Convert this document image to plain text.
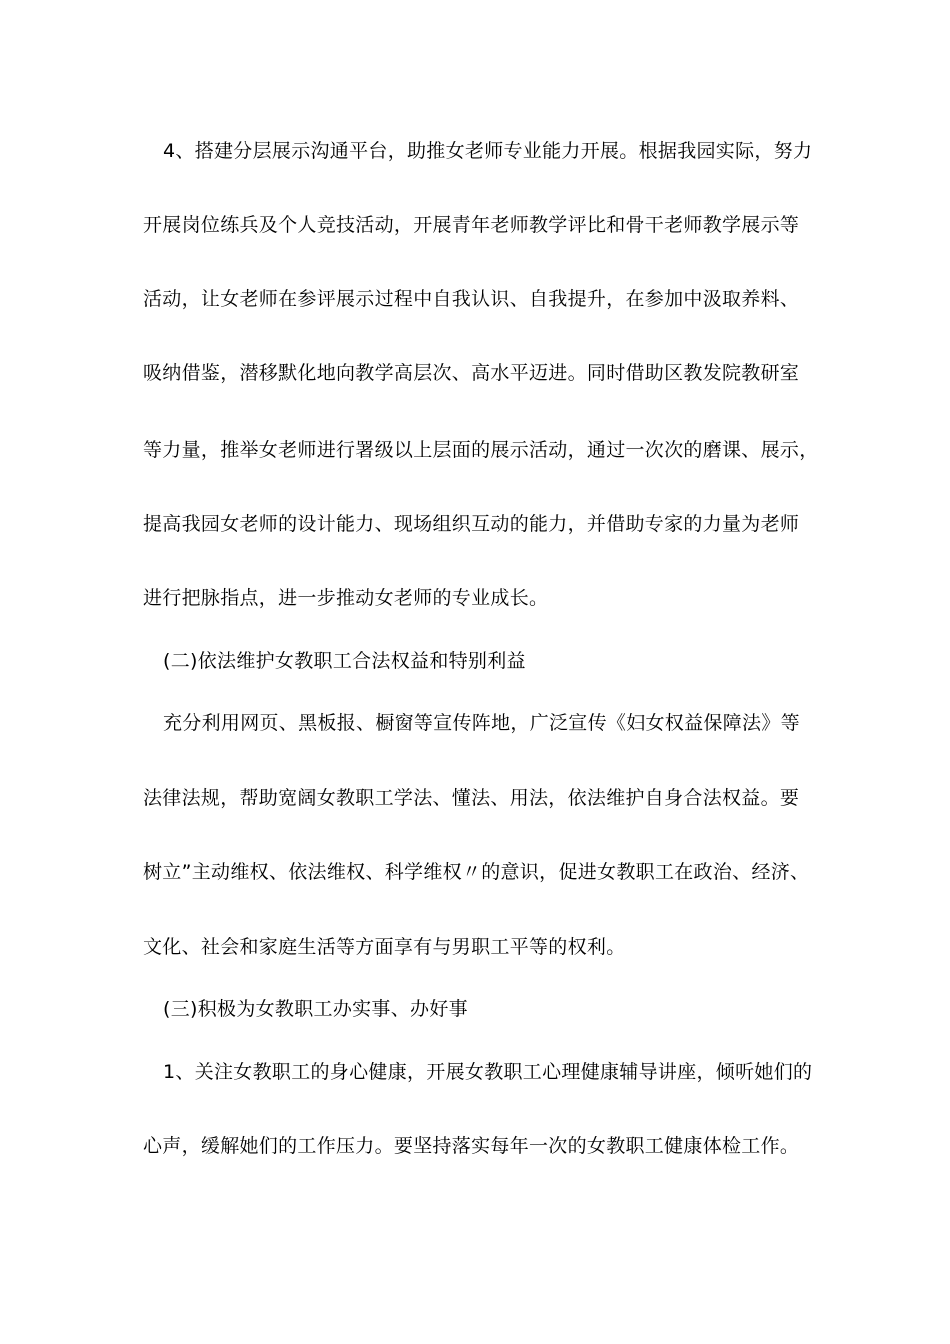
4、搭建分层展示沟通平台，助推女老师专业能力开展。根据我园实际，努力
开展岗位练兵及个人竞技活动，开展青年老师教学评比和骨干老师教学展示等
活动，让女老师在参评展示过程中自我认识、自我提升，在参加中汲取养料、
吸纳借鉴，潜移默化地向教学高层次、高水平迈进。同时借助区教发院教研室
等力量，推举女老师进行署级以上层面的展示活动，通过一次次的磨课、展示，
提高我园女老师的设计能力、现场组织互动的能力，并借助专家的力量为老师
进行把脉指点，进一步推动女老师的专业成长。
(二)依法维护女教职工合法权益和特别利益
充分利用网页、黑板报、橱窗等宣传阵地，广泛宣传《妇女权益保障法》等
法律法规，帮助宽阔女教职工学法、懂法、用法，依法维护自身合法权益。要
树立”主动维权、依法维权、科学维权〃的意识，促进女教职工在政治、经济、
文化、社会和家庭生活等方面享有与男职工平等的权利。
(三)积极为女教职工办实事、办好事
1、关注女教职工的身心健康，开展女教职工心理健康辅导讲座，倾听她们的
心声，缓解她们的工作压力。要坚持落实每年一次的女教职工健康体检工作。
